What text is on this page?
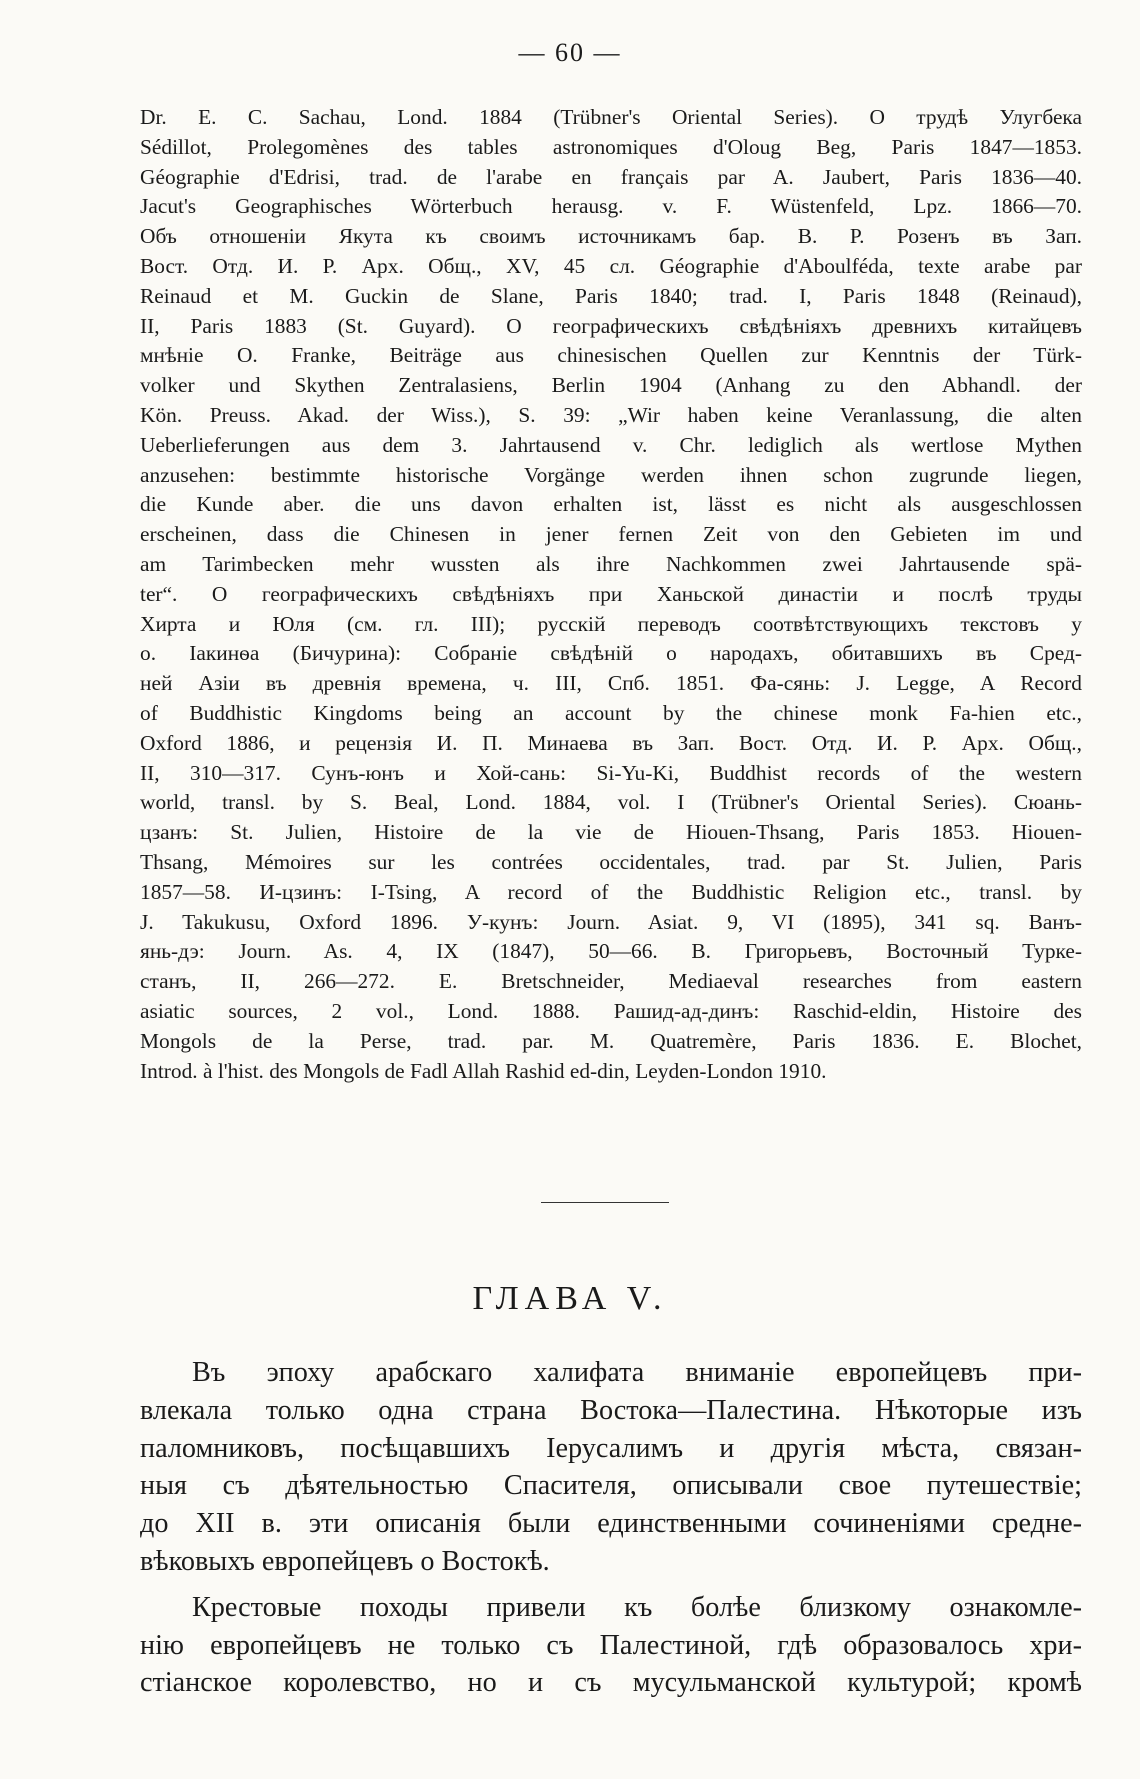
— 60 —
Dr. E. C. Sachau, Lond. 1884 (Trübner's Oriental Series). О трудѣ Улугбека
Sédillot, Prolegomènes des tables astronomiques d'Oloug Beg, Paris 1847—1853.
Géographie d'Edrisi, trad. de l'arabe en français par A. Jaubert, Paris 1836—40.
Jacut's Geographisches Wörterbuch herausg. v. F. Wüstenfeld, Lpz. 1866—70.
Объ отношеніи Якута къ своимъ источникамъ бар. В. Р. Розенъ въ Зап.
Вост. Отд. И. Р. Арх. Общ., XV, 45 сл. Géographie d'Aboulféda, texte arabe par
Reinaud et M. Guckin de Slane, Paris 1840; trad. I, Paris 1848 (Reinaud),
II, Paris 1883 (St. Guyard). О географическихъ свѣдѣніяхъ древнихъ китайцевъ
мнѣніе O. Franke, Beiträge aus chinesischen Quellen zur Kenntnis der Türk-
volker und Skythen Zentralasiens, Berlin 1904 (Anhang zu den Abhandl. der
Kön. Preuss. Akad. der Wiss.), S. 39: „Wir haben keine Veranlassung, die alten
Ueberlieferungen aus dem 3. Jahrtausend v. Chr. lediglich als wertlose Mythen
anzusehen: bestimmte historische Vorgänge werden ihnen schon zugrunde liegen,
die Kunde aber. die uns davon erhalten ist, lässt es nicht als ausgeschlossen
erscheinen, dass die Chinesen in jener fernen Zeit von den Gebieten im und
am Tarimbecken mehr wussten als ihre Nachkommen zwei Jahrtausende spä-
ter“. О географическихъ свѣдѣніяхъ при Ханьской династіи и послѣ труды
Хирта и Юля (см. гл. III); русскій переводъ соотвѣтствующихъ текстовъ у
о. Іакинѳа (Бичурина): Собраніе свѣдѣній о народахъ, обитавшихъ въ Сред-
ней Азіи въ древнія времена, ч. III, Спб. 1851. Фа-сянь: J. Legge, A Record
of Buddhistic Kingdoms being an account by the chinese monk Fa-hien etc.,
Oxford 1886, и рецензія И. П. Минаева въ Зап. Вост. Отд. И. Р. Арх. Общ.,
II, 310—317. Сунъ-юнъ и Хой-сань: Si-Yu-Ki, Buddhist records of the western
world, transl. by S. Beal, Lond. 1884, vol. I (Trübner's Oriental Series). Сюань-
цзанъ: St. Julien, Histoire de la vie de Hiouen-Thsang, Paris 1853. Hiouen-
Thsang, Mémoires sur les contrées occidentales, trad. par St. Julien, Paris
1857—58. И-цзинъ: I-Tsing, A record of the Buddhistic Religion etc., transl. by
J. Takukusu, Oxford 1896. У-кунъ: Journ. Asiat. 9, VI (1895), 341 sq. Ванъ-
янь-дэ: Journ. As. 4, IX (1847), 50—66. В. Григорьевъ, Восточный Турке-
станъ, II, 266—272. E. Bretschneider, Mediaeval researches from eastern
asiatic sources, 2 vol., Lond. 1888. Рашид-ад-динъ: Raschid-eldin, Histoire des
Mongols de la Perse, trad. par. M. Quatremère, Paris 1836. E. Blochet,
Introd. à l'hist. des Mongols de Fadl Allah Rashid ed-din, Leyden-London 1910.
ГЛАВА V.
Въ эпоху арабскаго халифата вниманіе европейцевъ при-
влекала только одна страна Востока—Палестина. Нѣкоторые изъ
паломниковъ, посѣщавшихъ Іерусалимъ и другія мѣста, связан-
ныя съ дѣятельностью Спасителя, описывали свое путешествіе;
до XII в. эти описанія были единственными сочиненіями средне-
вѣковыхъ европейцевъ о Востокѣ.
Крестовые походы привели къ болѣе близкому ознакомле-
нію европейцевъ не только съ Палестиной, гдѣ образовалось хри-
стіанское королевство, но и съ мусульманской культурой; кромѣ
